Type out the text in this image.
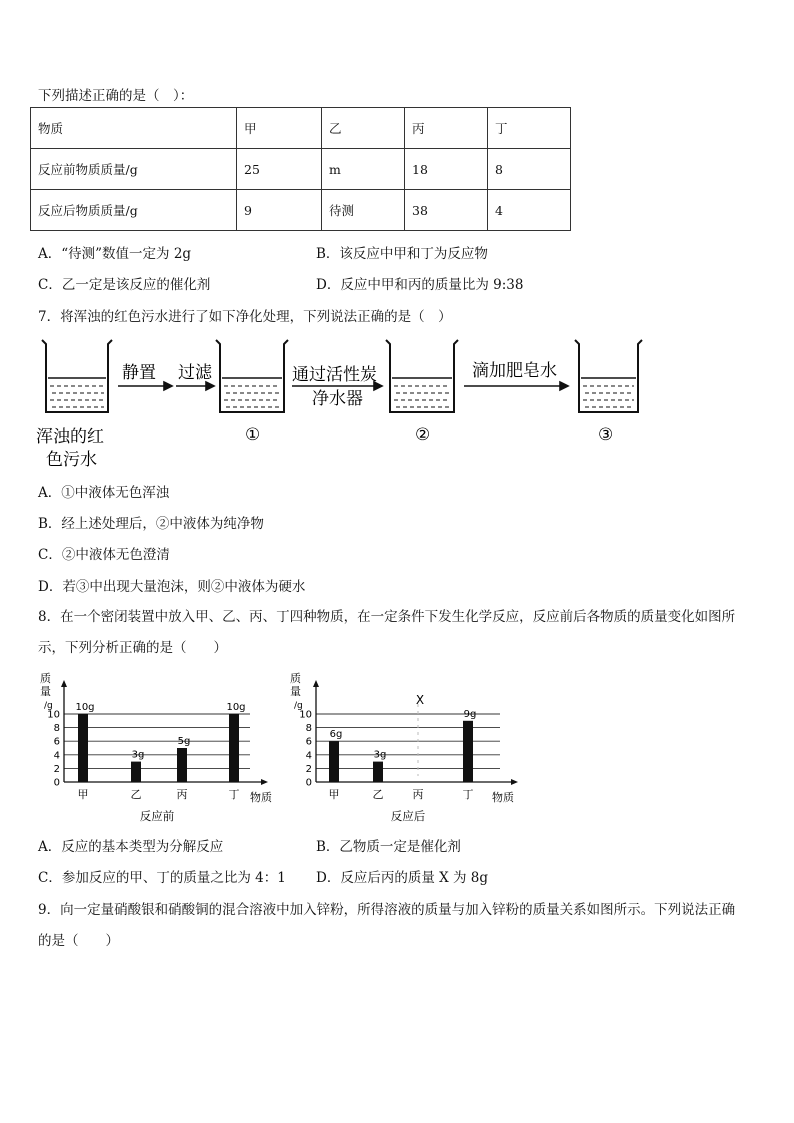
下列描述正确的是（　）：
物质	甲	乙	丙	丁
反应前物质质量/g	25	m	18	8
反应后物质质量/g	9	待测	38	4
A．“待测”数值一定为 2g	B．该反应中甲和丁为反应物
C．乙一定是该反应的催化剂	D．反应中甲和丙的质量比为 9:38
7．将浑浊的红色污水进行了如下净化处理，下列说法正确的是（　）
静置 过滤	通过活性炭
净水器
滴加肥皂水
浑浊的红
色污水
①	②	③
A．①中液体无色浑浊
B．经上述处理后，②中液体为纯净物
C．②中液体无色澄清
D．若③中出现大量泡沫，则②中液体为硬水
8．在一个密闭装置中放入甲、乙、丙、丁四种物质，在一定条件下发生化学反应，反应前后各物质的质量变化如图所
示，下列分析正确的是（　　）
0
2
4
6
8
10
质
量
/g
物质
甲
10g
乙
3g
丙
5g
丁
10g
反应前
0
2
4
6
8
10
质
量
/g
物质
甲
6g
乙
3g
丙
X
丁
9g
反应后
A．反应的基本类型为分解反应	B．乙物质一定是催化剂
C．参加反应的甲、丁的质量之比为 4：1 D．反应后丙的质量 X 为 8g
9．向一定量硝酸银和硝酸铜的混合溶液中加入锌粉，所得溶液的质量与加入锌粉的质量关系如图所示。下列说法正确
的是（　　）
